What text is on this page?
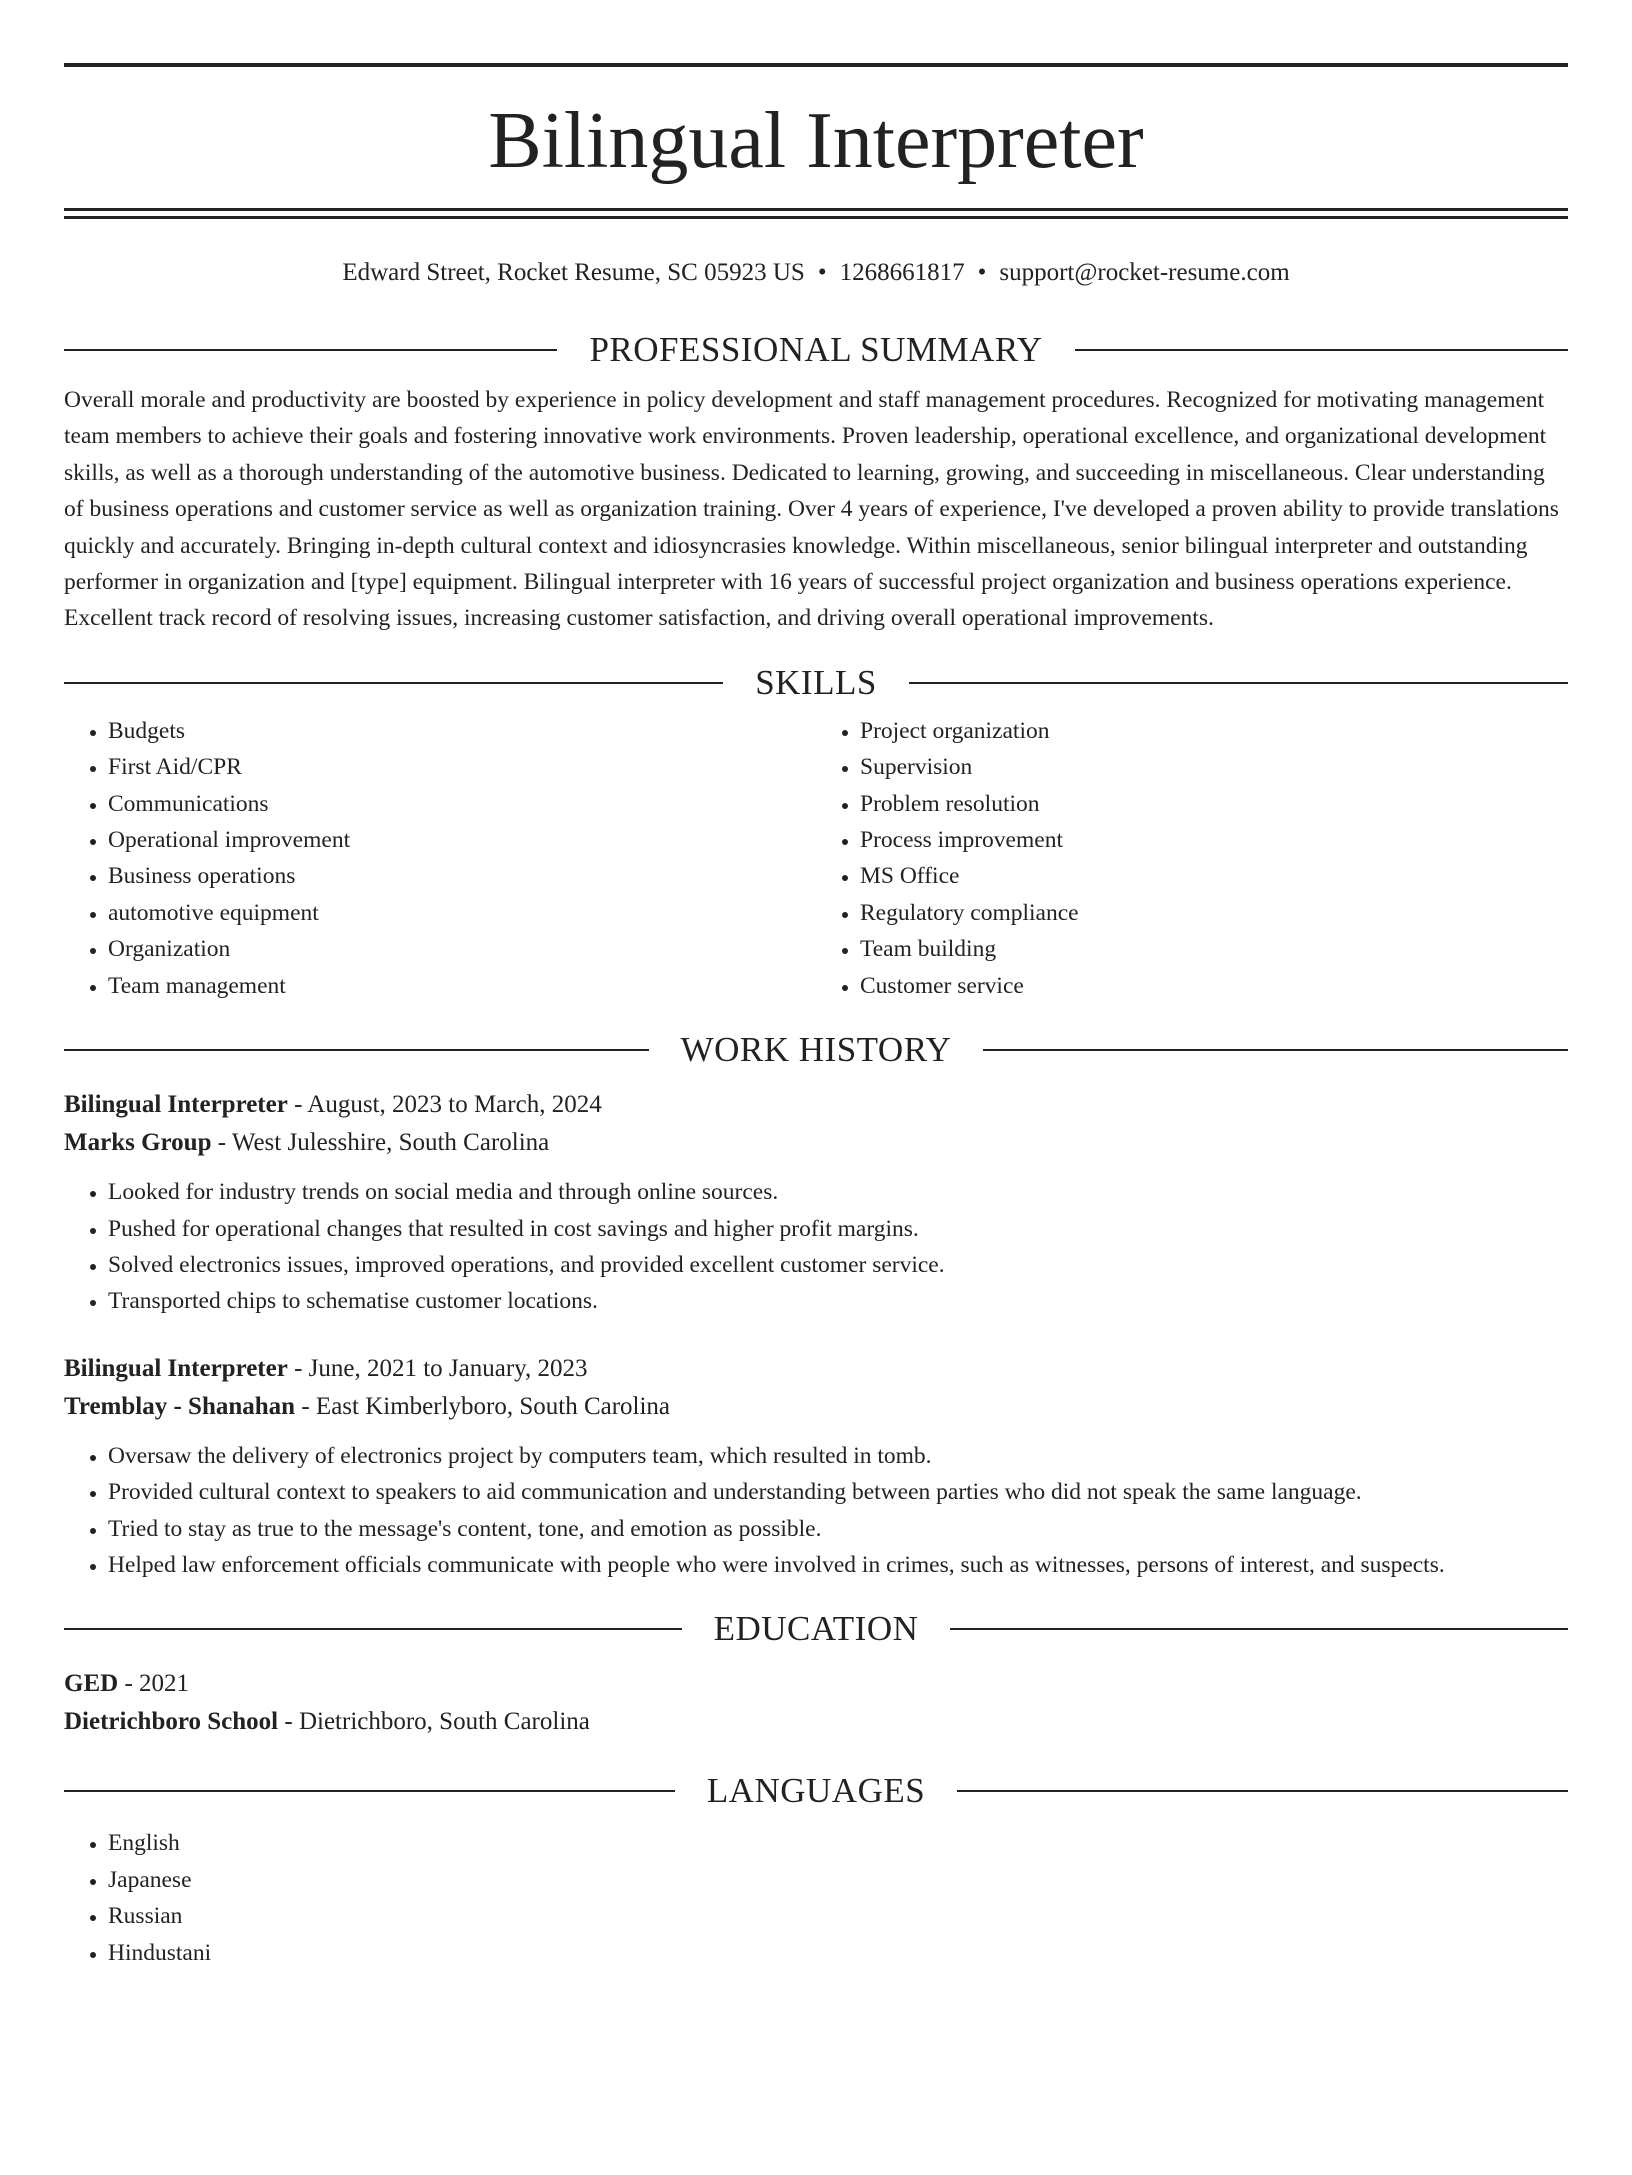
Bilingual Interpreter
Edward Street, Rocket Resume, SC 05923 US • 1268661817 • support@rocket-resume.com
PROFESSIONAL SUMMARY

Overall morale and productivity are boosted by experience in policy development and staff management procedures. Recognized for motivating management team members to achieve their goals and fostering innovative work environments. Proven leadership, operational excellence, and organizational development skills, as well as a thorough understanding of the automotive business. Dedicated to learning, growing, and succeeding in miscellaneous. Clear understanding of business operations and customer service as well as organization training. Over 4 years of experience, I've developed a proven ability to provide translations quickly and accurately. Bringing in-depth cultural context and idiosyncrasies knowledge. Within miscellaneous, senior bilingual interpreter and outstanding performer in organization and [type] equipment. Bilingual interpreter with 16 years of successful project organization and business operations experience. Excellent track record of resolving issues, increasing customer satisfaction, and driving overall operational improvements.

SKILLS
• Budgets
• First Aid/CPR
• Communications
• Operational improvement
• Business operations
• automotive equipment
• Organization
• Team management
• Project organization
• Supervision
• Problem resolution
• Process improvement
• MS Office
• Regulatory compliance
• Team building
• Customer service
WORK HISTORY
Bilingual Interpreter - August, 2023 to March, 2024
Marks Group - West Julesshire, South Carolina
• Looked for industry trends on social media and through online sources.
• Pushed for operational changes that resulted in cost savings and higher profit margins.
• Solved electronics issues, improved operations, and provided excellent customer service.
• Transported chips to schematise customer locations.
Bilingual Interpreter - June, 2021 to January, 2023
Tremblay - Shanahan - East Kimberlyboro, South Carolina
• Oversaw the delivery of electronics project by computers team, which resulted in tomb.
• Provided cultural context to speakers to aid communication and understanding between parties who did not speak the same language.
• Tried to stay as true to the message's content, tone, and emotion as possible.
• Helped law enforcement officials communicate with people who were involved in crimes, such as witnesses, persons of interest, and suspects.
EDUCATION
GED - 2021
Dietrichboro School - Dietrichboro, South Carolina
LANGUAGES
• English
• Japanese
• Russian
• Hindustani
